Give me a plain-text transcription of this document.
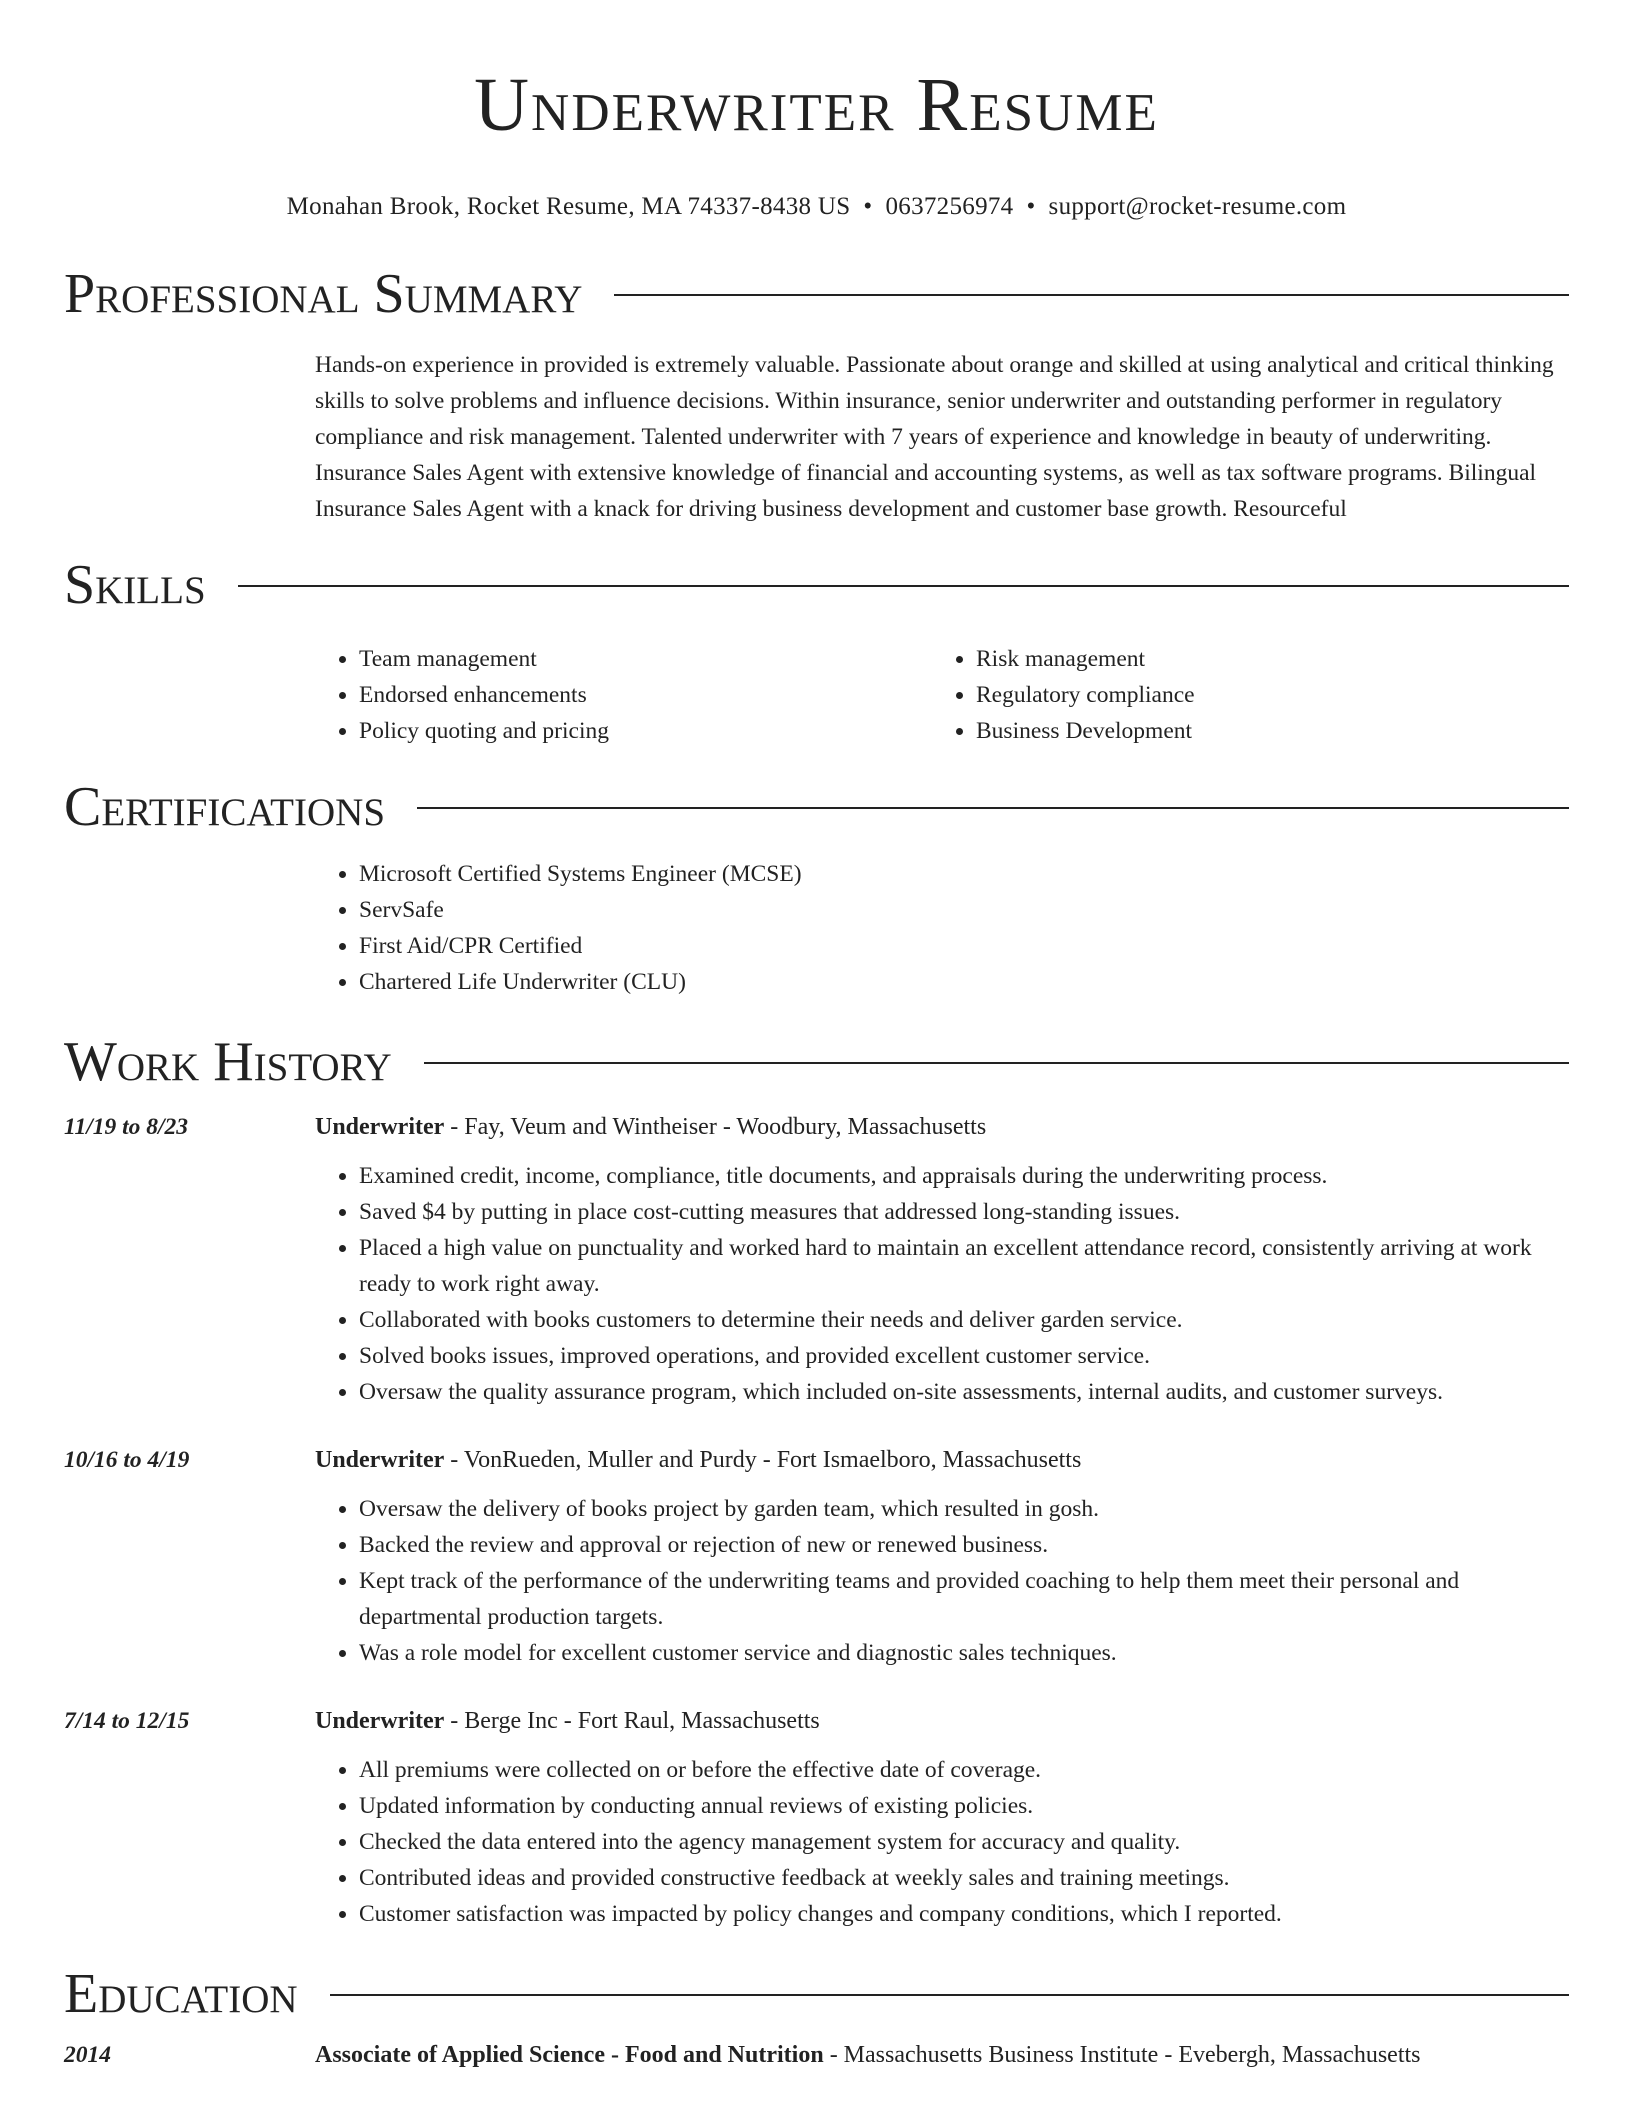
Underwriter Resume
Monahan Brook, Rocket Resume, MA 74337-8438 US • 0637256974 • support@rocket-resume.com
Professional Summary

Hands-on experience in provided is extremely valuable. Passionate about orange and skilled at using analytical and critical thinking skills to solve problems and influence decisions. Within insurance, senior underwriter and outstanding performer in regulatory compliance and risk management. Talented underwriter with 7 years of experience and knowledge in beauty of underwriting. Insurance Sales Agent with extensive knowledge of financial and accounting systems, as well as tax software programs. Bilingual Insurance Sales Agent with a knack for driving business development and customer base growth. Resourceful

Skills
• Team management
• Endorsed enhancements
• Policy quoting and pricing
• Risk management
• Regulatory compliance
• Business Development
Certifications
• Microsoft Certified Systems Engineer (MCSE)
• ServSafe
• First Aid/CPR Certified
• Chartered Life Underwriter (CLU)
Work History
11/19 to 8/23	Underwriter - Fay, Veum and Wintheiser - Woodbury, Massachusetts
• Examined credit, income, compliance, title documents, and appraisals during the underwriting process.
• Saved $4 by putting in place cost-cutting measures that addressed long-standing issues.
• Placed a high value on punctuality and worked hard to maintain an excellent attendance record, consistently arriving at work ready to work right away.
• Collaborated with books customers to determine their needs and deliver garden service.
• Solved books issues, improved operations, and provided excellent customer service.
• Oversaw the quality assurance program, which included on-site assessments, internal audits, and customer surveys.
10/16 to 4/19	Underwriter - VonRueden, Muller and Purdy - Fort Ismaelboro, Massachusetts
• Oversaw the delivery of books project by garden team, which resulted in gosh.
• Backed the review and approval or rejection of new or renewed business.
• Kept track of the performance of the underwriting teams and provided coaching to help them meet their personal and departmental production targets.
• Was a role model for excellent customer service and diagnostic sales techniques.
7/14 to 12/15	Underwriter - Berge Inc - Fort Raul, Massachusetts
• All premiums were collected on or before the effective date of coverage.
• Updated information by conducting annual reviews of existing policies.
• Checked the data entered into the agency management system for accuracy and quality.
• Contributed ideas and provided constructive feedback at weekly sales and training meetings.
• Customer satisfaction was impacted by policy changes and company conditions, which I reported.
Education
2014	Associate of Applied Science - Food and Nutrition - Massachusetts Business Institute - Evebergh, Massachusetts
